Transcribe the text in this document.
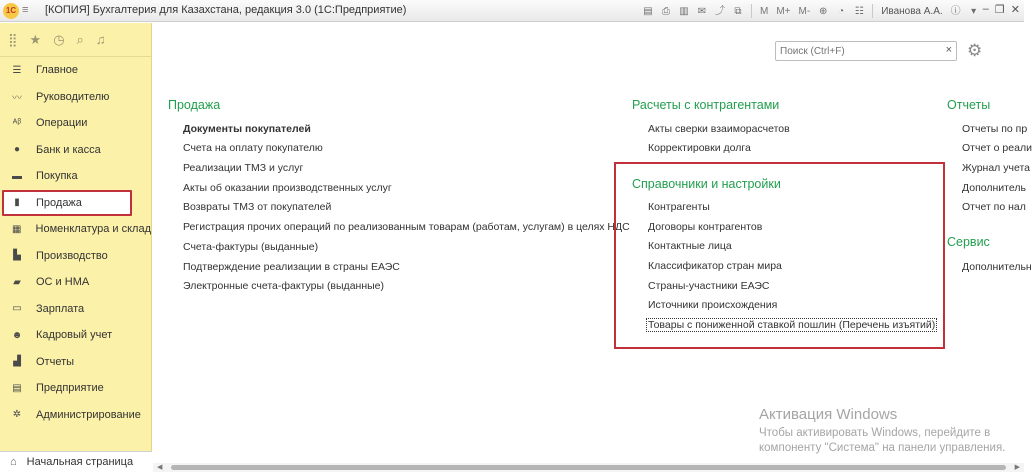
1С ≡ [КОПИЯ] Бухгалтерия для Казахстана, редакция 3.0 (1С:Предприятие)	▤ ⎙ ▥ ✉ ⤴ ⧉	M M+ M- ⊕	◔	☷	Иванова А.А. ⓘ	▾ – ❐ ✕
⣿ ★ ◷ ⌕ ♫
☰ Главное
〰 Руководителю
ᴬᵝ Операции
●	Банк и касса
▬ Покупка
▮	Продажа
▦ Номенклатура и склад
▙ Производство
▰ ОС и НМА
▭ Зарплата
☻ Кадровый учет
▟ Отчеты
▤ Предприятие
✲ Администрирование
⌂ Начальная страница
Поиск (Ctrl+F)
× ⚙
Продажа
Документы покупателей
Счета на оплату покупателю
Реализации ТМЗ и услуг
Акты об оказании производственных услуг
Возвраты ТМЗ от покупателей
Регистрация прочих операций по реализованным товарам (работам, услугам) в целях НДС
Счета-фактуры (выданные)
Подтверждение реализации в страны ЕАЭС
Электронные счета-фактуры (выданные)
Расчеты с контрагентами
Акты сверки взаиморасчетов
Корректировки долга
Справочники и настройки
Контрагенты
Договоры контрагентов
Контактные лица
Классификатор стран мира
Страны-участники ЕАЭС
Источники происхождения
Товары с пониженной ставкой пошлин (Перечень изъятий)
Отчеты
Отчеты по пр
Отчет о реали
Журнал учета
Дополнитель
Отчет по нал
Сервис
Дополнительн
Активация Windows
Чтобы активировать Windows, перейдите в
компоненту "Система" на панели управления.
◀	▶
